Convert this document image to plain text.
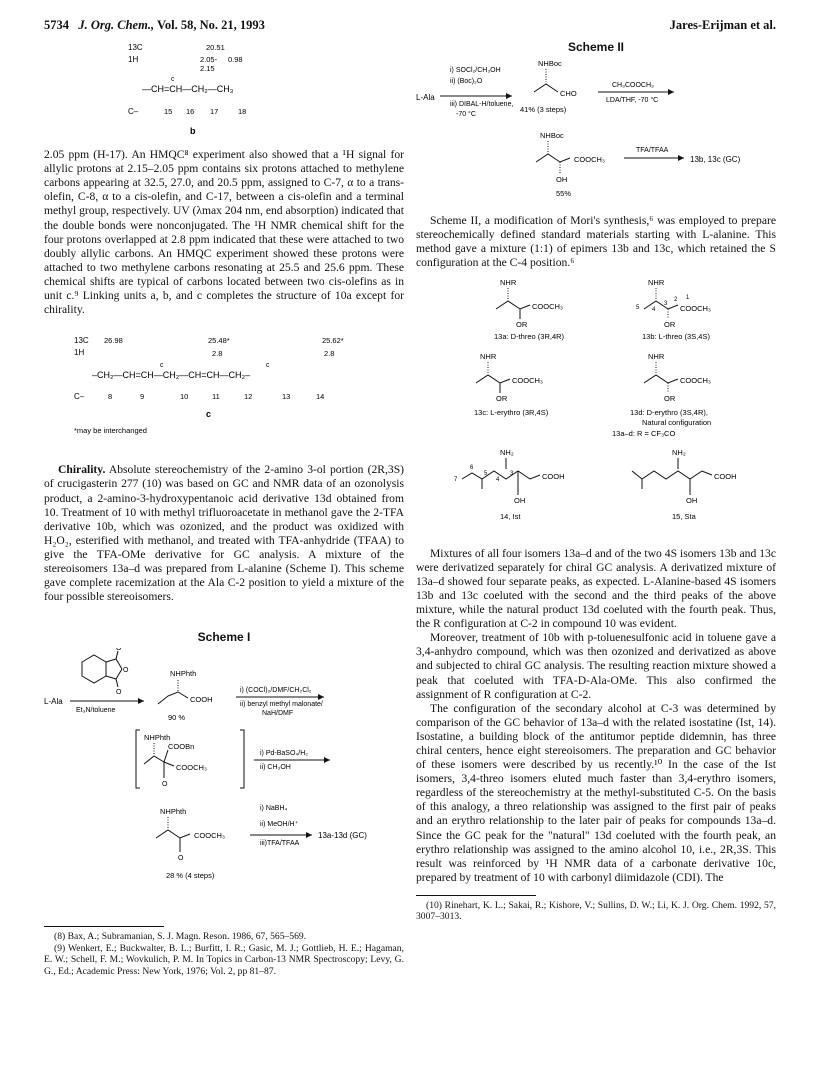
5734 J. Org. Chem., Vol. 58, No. 21, 1993	Jares-Erijman et al.
13C
1H
20.51
2.05-
2.15
0.98
c
—CH=CH—CH₂—CH₃
C–	15 16 17	18
b

2.05 ppm (H-17). An HMQC⁸ experiment also showed that a ¹H signal for allylic protons at 2.15–2.05 ppm contains six protons attached to methylene carbons appearing at 32.5, 27.0, and 20.5 ppm, assigned to C-7, α to a trans-olefin, C-8, α to a cis-olefin, and C-17, between a cis-olefin and a terminal methyl group, respectively. UV (λmax 204 nm, end absorption) indicated that the double bonds were nonconjugated. The ¹H NMR chemical shift for the four protons overlapped at 2.8 ppm indicated that these were attached to two doubly allylic carbons. An HMQC experiment showed these protons were attached to two methylene carbons resonating at 25.5 and 25.6 ppm. These chemical shifts are typical of carbons located between two cis-olefins as in unit c.⁹ Linking units a, b, and c completes the structure of 10a except for chirality.

13C
1H
26.98	25.48*	25.62*
2.8	2.8
c	c
–CH₂—CH=CH—CH₂—CH=CH—CH₂–
C–	8	9	10	11	12	13	14
c
*may be interchanged

Chirality. Absolute stereochemistry of the 2-amino 3-ol portion (2R,3S) of crucigasterin 277 (10) was based on GC and NMR data of an ozonolysis product, a 2-amino-3-hydroxypentanoic acid derivative 13d obtained from 10. Treatment of 10 with methyl trifluoroacetate in methanol gave the 2-TFA derivative 10b, which was ozonized, and the product was oxidized with H₂O₂, esterified with methanol, and treated with TFA-anhydride (TFAA) to give the TFA-OMe derivative for GC analysis. A mixture of the stereoisomers 13a–d was prepared from L-alanine (Scheme I). This scheme gave complete racemization at the Ala C-2 position to yield a mixture of the four possible stereoisomers.

Scheme I
O
O
O
L-Ala
Et₃N/toluene
NHPhth
COOH
90 %
i) (COCl)₂/DMF/CH₂Cl₂
ii) benzyl methyl malonate/
NaH/DMF
NHPhth
COOBn
O
COOCH₃
i) Pd-BaSO₄/H₂
ii) CH₃OH
NHPhth
O
COOCH₃
i) NaBH₄
ii) MeOH/H⁺
iii)TFA/TFAA
13a-13d (GC)
28 % (4 steps)

(8) Bax, A.; Subramanian, S. J. Magn. Reson. 1986, 67, 565–569.

(9) Wenkert, E.; Buckwalter, B. L.; Burfitt, I. R.; Gasic, M. J.; Gottlieb, H. E.; Hagaman, E. W.; Schell, F. M.; Wovkulich, P. M. In Topics in Carbon-13 NMR Spectroscopy; Levy, G. G., Ed.; Academic Press: New York, 1976; Vol. 2, pp 81–87.

Scheme II
L-Ala
i) SOCl₂/CH₃OH
ii) (Boc)₂O
iii) DIBAL-H/toluene,
-70 °C
NHBoc
CHO
41% (3 steps)
CH₃COOCH₃
LDA/THF, -70 °C
NHBoc
OH
COOCH₃
55%
TFA/TFAA
13b, 13c (GC)

Scheme II, a modification of Mori's synthesis,⁶ was employed to prepare stereochemically defined standard materials starting with L-alanine. This method gave a mixture (1:1) of epimers 13b and 13c, which retained the S configuration at the C-4 position.⁶

NHR
OR
COOCH₃
13a: D-threo (3R,4R)
NHR
OR
COOCH₃
5 4
3
2 1
13b: L-threo (3S,4S)
NHR
OR
COOCH₃
13c: L-erythro (3R,4S)
NHR
OR
COOCH₃
13d: D-erythro (3S,4R),
Natural configuration
13a–d: R = CF₃CO
NH₂
OH
COOH
7
6
5
4
3
14, Ist
NH₂
OH
COOH
15, Sta

Mixtures of all four isomers 13a–d and of the two 4S isomers 13b and 13c were derivatized separately for chiral GC analysis. A derivatized mixture of 13a–d showed four separate peaks, as expected. L-Alanine-based 4S isomers 13b and 13c coeluted with the second and the third peaks of the above mixture, while the natural product 13d coeluted with the fourth peak. Thus, the R configuration at C-2 in compound 10 was evident.

Moreover, treatment of 10b with p-toluenesulfonic acid in toluene gave a 3,4-anhydro compound, which was then ozonized and derivatized as above and subjected to chiral GC analysis. The resulting reaction mixture showed a peak that coeluted with TFA-D-Ala-OMe. This also confirmed the assignment of R configuration at C-2.

The configuration of the secondary alcohol at C-3 was determined by comparison of the GC behavior of 13a–d with the related isostatine (Ist, 14). Isostatine, a building block of the antitumor peptide didemnin, has three chiral centers, hence eight stereoisomers. The preparation and GC behavior of these isomers were described by us recently.¹⁰ In the case of the Ist isomers, 3,4-threo isomers eluted much faster than 3,4-erythro isomers, regardless of the stereochemistry at the methyl-substituted C-5. On the basis of this analogy, a threo relationship was assigned to the first pair of peaks and an erythro relationship to the later pair of peaks for compounds 13a–d. Since the GC peak for the "natural" 13d coeluted with the fourth peak, an erythro relationship was assigned to the amino alcohol 10, i.e., 2R,3S. This result was reinforced by ¹H NMR data of a carbonate derivative 10c, prepared by treatment of 10 with carbonyl diimidazole (CDI). The

(10) Rinehart, K. L.; Sakai, R.; Kishore, V.; Sullins, D. W.; Li, K. J. Org. Chem. 1992, 57, 3007–3013.
